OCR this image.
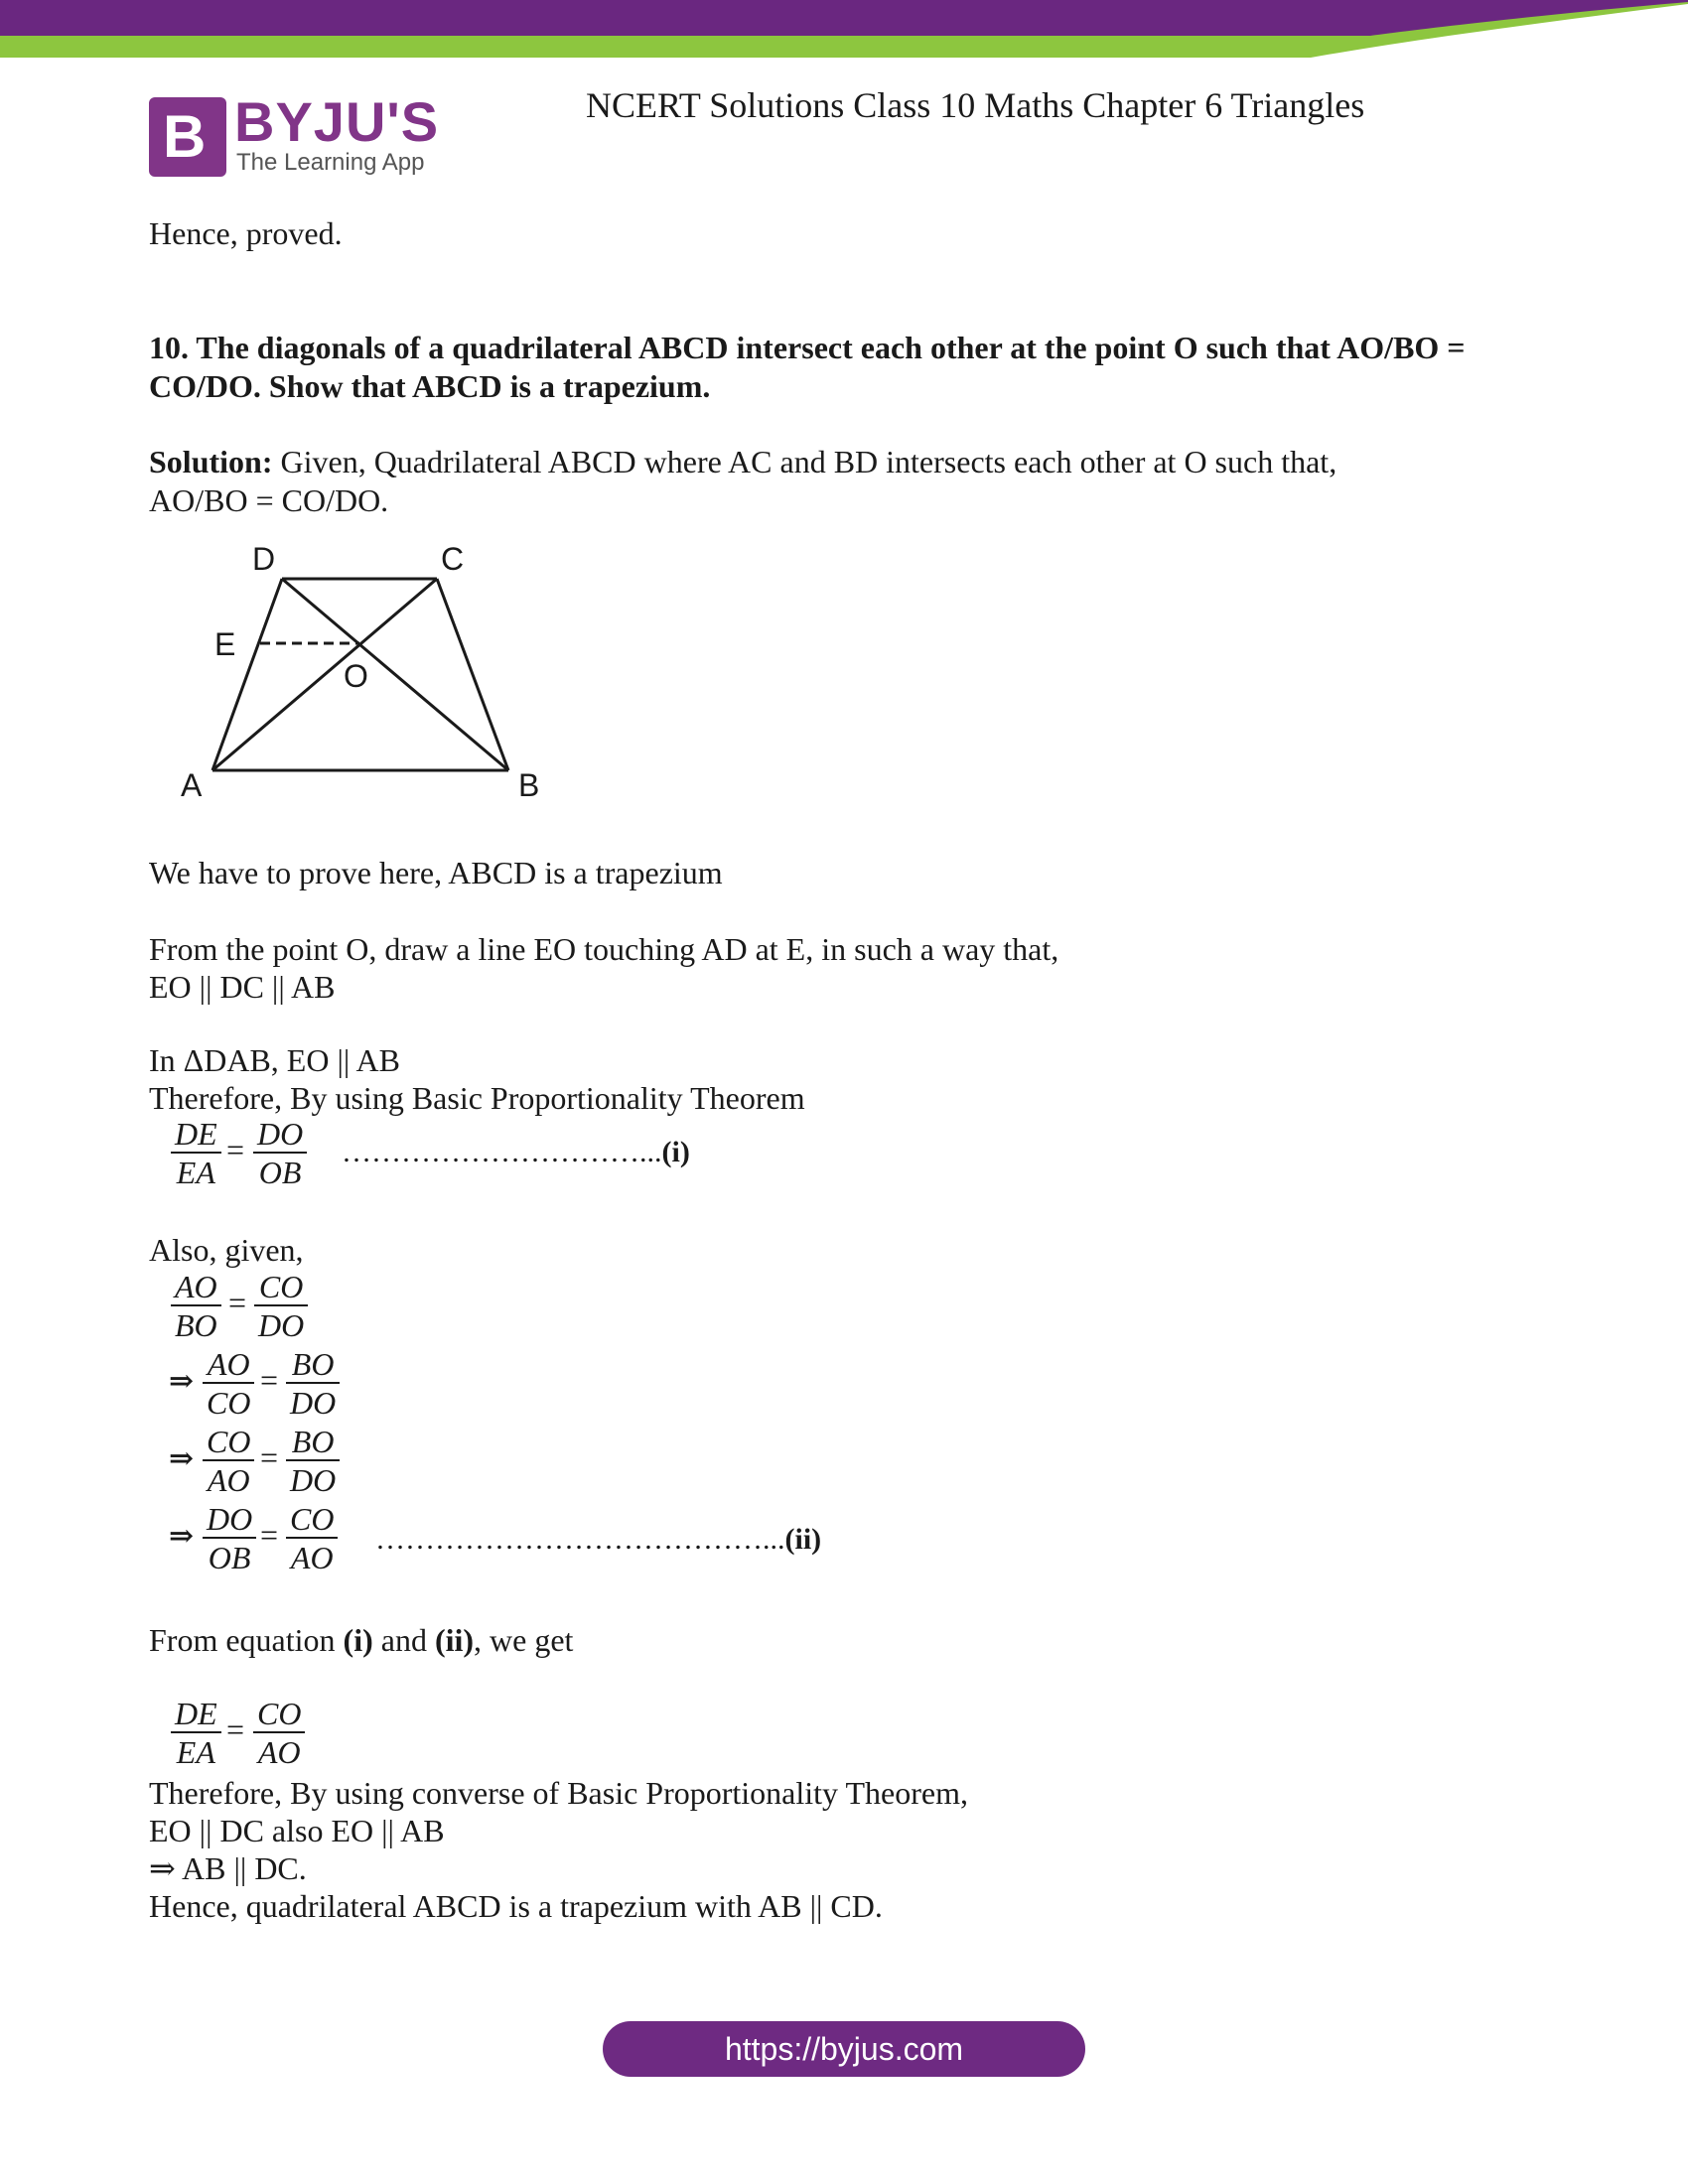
B BYJU'S
The Learning App
NCERT Solutions Class 10 Maths Chapter 6 Triangles
Hence, proved.
10. The diagonals of a quadrilateral ABCD intersect each other at the point O such that AO/BO =
CO/DO. Show that ABCD is a trapezium.
Solution: Given, Quadrilateral ABCD where AC and BD intersects each other at O such that,
AO/BO = CO/DO.
D	C
E
O
A	B
We have to prove here, ABCD is a trapezium
From the point O, draw a line EO touching AD at E, in such a way that,
EO || DC || AB
In ΔDAB, EO || AB
Therefore, By using Basic Proportionality Theorem
$\frac{DE}{EA} = \frac{DO}{OB}$ …………………………...(i)
Also, given,
$\frac{AO}{BO} = \frac{CO}{DO}$
⇒ $\frac{AO}{CO} = \frac{BO}{DO}$
⇒ $\frac{CO}{AO} = \frac{BO}{DO}$
⇒ $\frac{DO}{OB} = \frac{CO}{AO}$ …………………………………...(ii)
From equation (i) and (ii), we get
$\frac{DE}{EA} = \frac{CO}{AO}$
Therefore, By using converse of Basic Proportionality Theorem,
EO || DC also EO || AB
⇒ AB || DC.
Hence, quadrilateral ABCD is a trapezium with AB || CD.
https://byjus.com
